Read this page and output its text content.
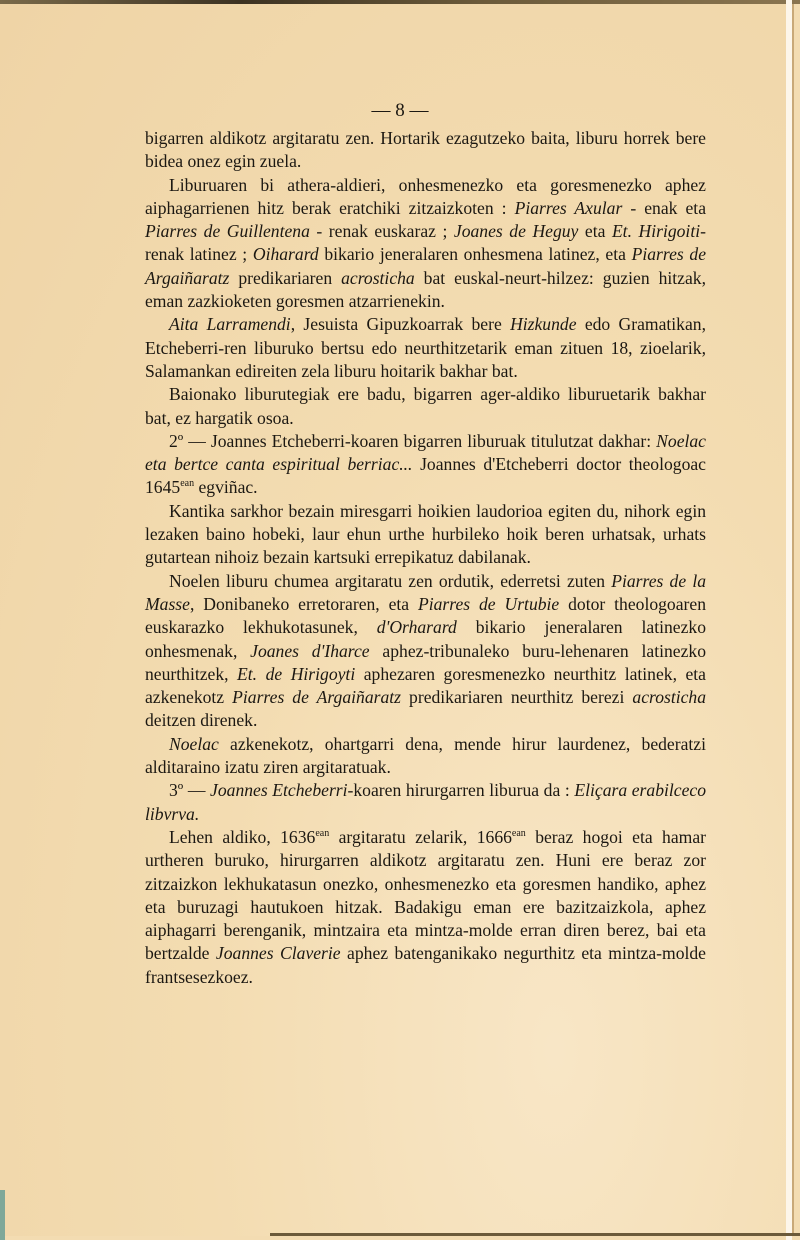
— 8 —

bigarren aldikotz argitaratu zen. Hortarik ezagutzeko baita, liburu horrek bere bidea onez egin zuela.

Liburuaren bi athera-aldieri, onhesmenezko eta goresmenezko aphez aiphagarrienen hitz berak eratchiki zitzaizkoten : Piarres Axular - enak eta Piarres de Guillentena - renak euskaraz ; Joanes de Heguy eta Et. Hirigoiti-renak latinez ; Oiharard bikario jeneralaren onhesmena latinez, eta Piarres de Argaiñaratz predikariaren acrosticha bat euskal-neurt-hilzez: guzien hitzak, eman zazkioketen goresmen atzarrienekin.

Aita Larramendi, Jesuista Gipuzkoarrak bere Hizkunde edo Gramatikan, Etcheberri-ren liburuko bertsu edo neurthitzetarik eman zituen 18, zioelarik, Salamankan edireiten zela liburu hoitarik bakhar bat.

Baionako liburutegiak ere badu, bigarren ager-aldiko liburuetarik bakhar bat, ez hargatik osoa.

2º — Joannes Etcheberri-koaren bigarren liburuak titulutzat dakhar: Noelac eta bertce canta espiritual berriac... Joannes d'Etcheberri doctor theologoac $1645^{ean}$ egviñac.

Kantika sarkhor bezain miresgarri hoikien laudorioa egiten du, nihork egin lezaken baino hobeki, laur ehun urthe hurbileko hoik beren urhatsak, urhats gutartean nihoiz bezain kartsuki errepikatuz dabilanak.

Noelen liburu chumea argitaratu zen ordutik, ederretsi zuten Piarres de la Masse, Donibaneko erretoraren, eta Piarres de Urtubie dotor theologoaren euskarazko lekhukotasunek, d'Orharard bikario jeneralaren latinezko onhesmenak, Joanes d'Iharce aphez-tribunaleko buru-lehenaren latinezko neurthitzek, Et. de Hirigoyti aphezaren goresmenezko neurthitz latinek, eta azkenekotz Piarres de Argaiñaratz predikariaren neurthitz berezi acrosticha deitzen direnek.

Noelac azkenekotz, ohartgarri dena, mende hirur laurdenez, bederatzi alditaraino izatu ziren argitaratuak.

3º — Joannes Etcheberri-koaren hirurgarren liburua da : Eliçara erabilceco libvrva.

Lehen aldiko, $1636^{ean}$ argitaratu zelarik, $1666^{ean}$ beraz hogoi eta hamar urtheren buruko, hirurgarren aldikotz argitaratu zen. Huni ere beraz zor zitzaizkon lekhukatasun onezko, onhesmenezko eta goresmen handiko, aphez eta buruzagi hautukoen hitzak. Badakigu eman ere bazitzaizkola, aphez aiphagarri berenganik, mintzaira eta mintza-molde erran diren berez, bai eta bertzalde Joannes Claverie aphez batenganikako negurthitz eta mintza-molde frantsesezkoez.
